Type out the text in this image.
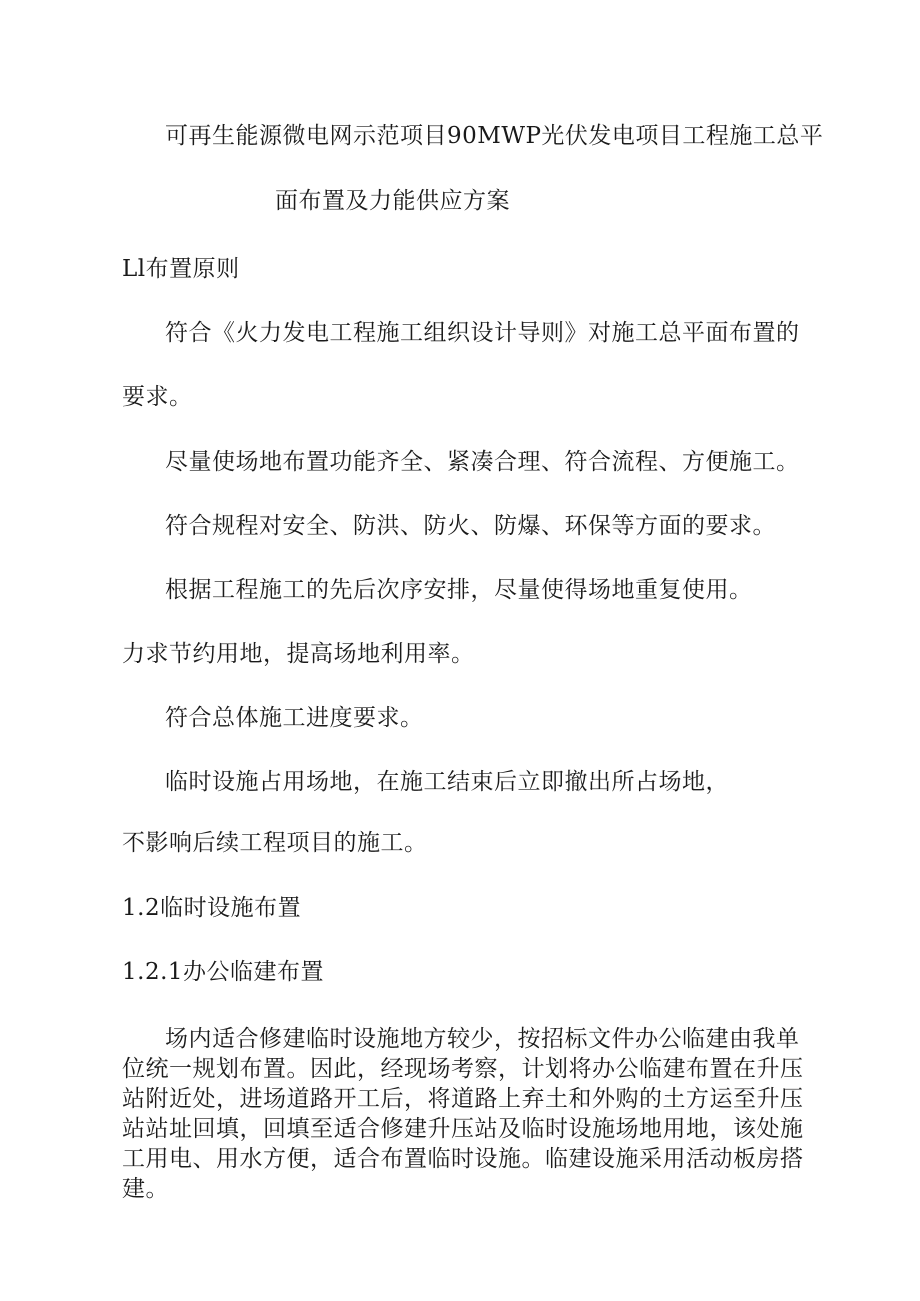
可再生能源微电网示范项目90MWP光伏发电项目工程施工总平
面布置及力能供应方案
Ll布置原则
符合《火力发电工程施工组织设计导则》对施工总平面布置的
要求。
尽量使场地布置功能齐全、紧凑合理、符合流程、方便施工。
符合规程对安全、防洪、防火、防爆、环保等方面的要求。
根据工程施工的先后次序安排，尽量使得场地重复使用。
力求节约用地，提高场地利用率。
符合总体施工进度要求。
临时设施占用场地，在施工结束后立即撤出所占场地，
不影响后续工程项目的施工。
1.2临时设施布置
1.2.1办公临建布置
场内适合修建临时设施地方较少，按招标文件办公临建由我单
位统一规划布置。因此，经现场考察，计划将办公临建布置在升压
站附近处，进场道路开工后，将道路上弃土和外购的土方运至升压
站站址回填，回填至适合修建升压站及临时设施场地用地，该处施
工用电、用水方便，适合布置临时设施。临建设施采用活动板房搭
建。
